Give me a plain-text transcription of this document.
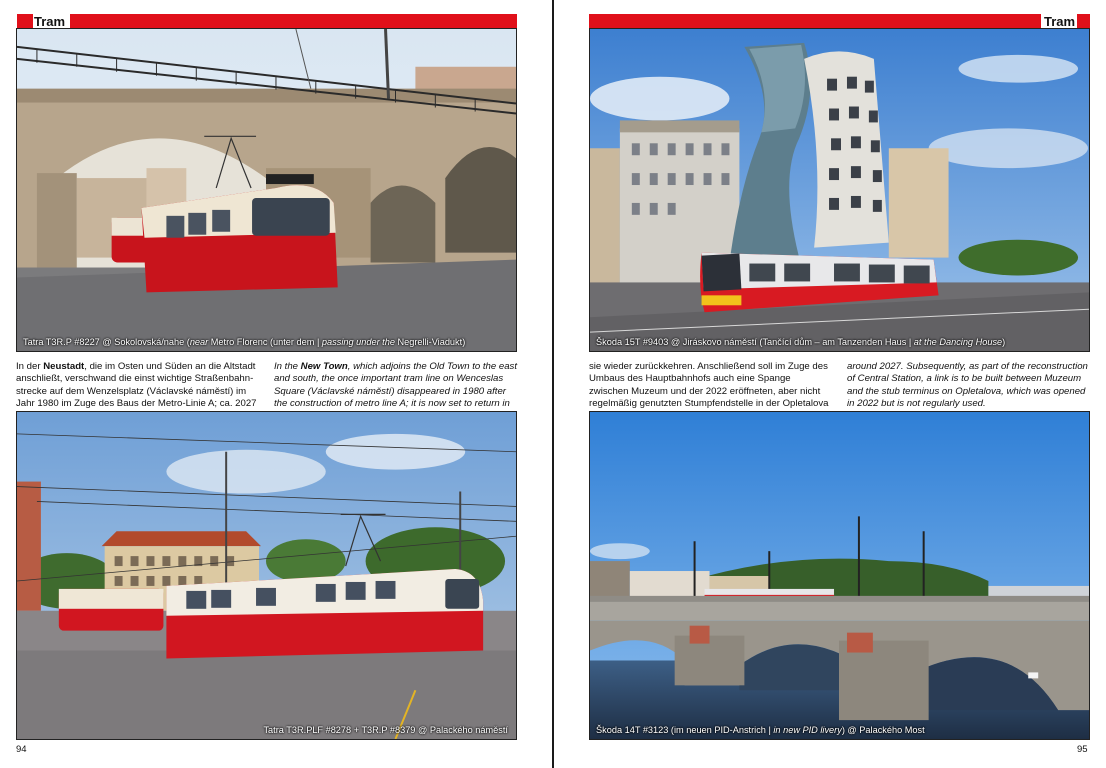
Tram
Tatra T3R.P #8227 @ Sokolovská/nahe (near Metro Florenc (unter dem | passing under the Negrelli-Viadukt)
In der Neustadt, die im Osten und Süden an die Altstadt anschließt, verschwand die einst wichtige Straßenbahnstrecke auf dem Wenzelsplatz (Václavské náměstí) im Jahr 1980 im Zuge des Baus der Metro-Linie A; ca. 2027
In the New Town, which adjoins the Old Town to the east and south, the once important tram line on Wenceslas Square (Václavské náměstí) disappeared in 1980 after the construction of metro line A; it is now set to return in
Tatra T3R.PLF #8278 + T3R.P #8379 @ Palackého náměstí
94
Tram
Škoda 15T #9403 @ Jiráskovo náměstí (Tančící dům – am Tanzenden Haus | at the Dancing House)
sie wieder zurückkehren. Anschließend soll im Zuge des Umbaus des Hauptbahnhofs auch eine Spange zwischen Muzeum und der 2022 eröffneten, aber nicht regelmäßig genutzten Stumpfendstelle in der Opletalova
around 2027. Subsequently, as part of the reconstruction of Central Station, a link is to be built between Muzeum and the stub terminus on Opletalova, which was opened in 2022 but is not regularly used.
Škoda 14T #3123 (im neuen PID-Anstrich | in new PID livery) @ Palackého Most
95
